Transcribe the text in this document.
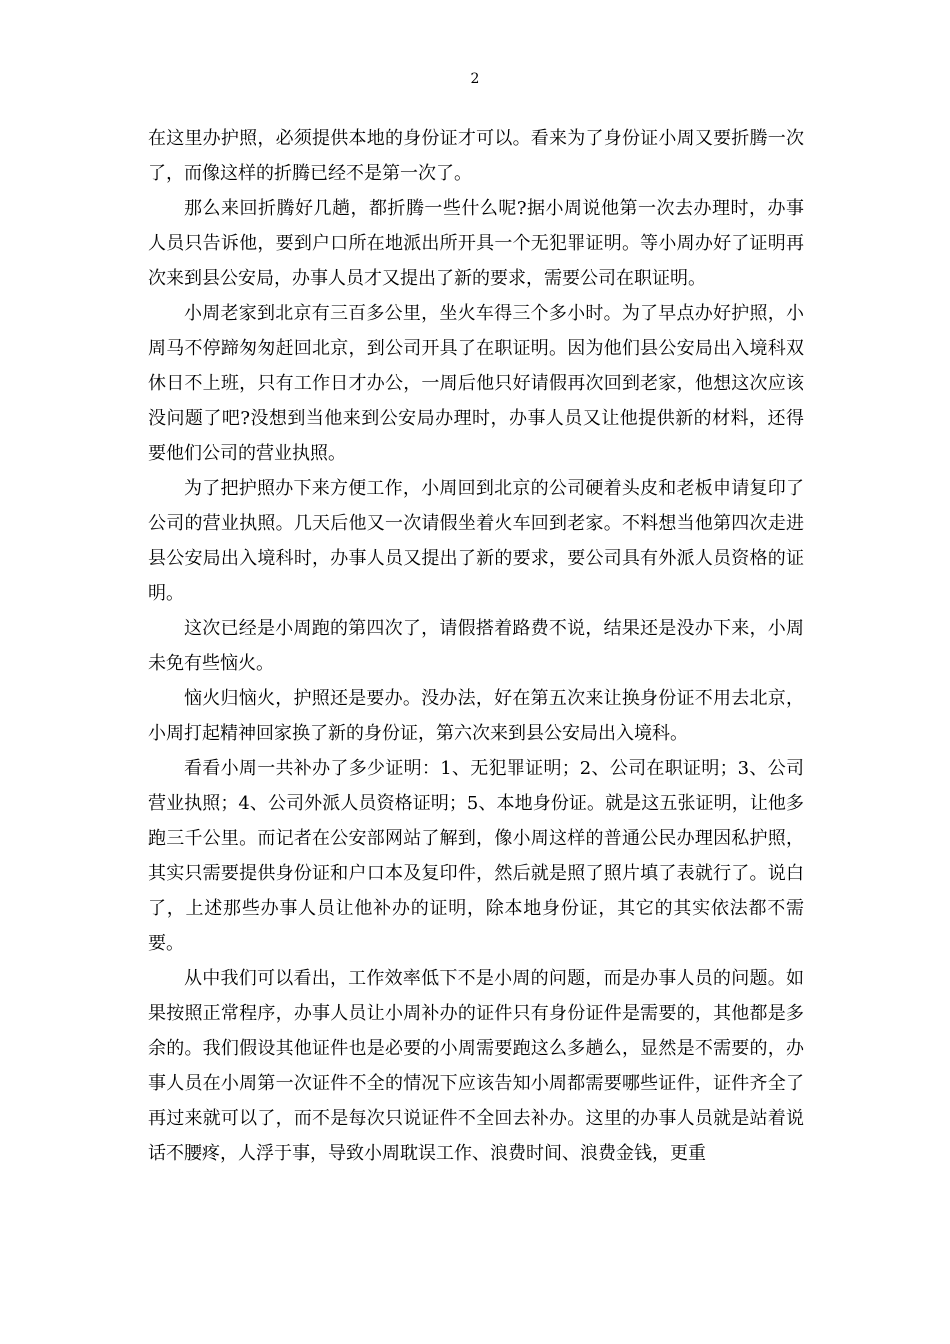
2

在这里办护照，必须提供本地的身份证才可以。看来为了身份证小周又要折腾一次了，而像这样的折腾已经不是第一次了。

那么来回折腾好几趟，都折腾一些什么呢?据小周说他第一次去办理时，办事人员只告诉他，要到户口所在地派出所开具一个无犯罪证明。等小周办好了证明再次来到县公安局，办事人员才又提出了新的要求，需要公司在职证明。

小周老家到北京有三百多公里，坐火车得三个多小时。为了早点办好护照，小周马不停蹄匆匆赶回北京，到公司开具了在职证明。因为他们县公安局出入境科双休日不上班，只有工作日才办公，一周后他只好请假再次回到老家，他想这次应该没问题了吧?没想到当他来到公安局办理时，办事人员又让他提供新的材料，还得要他们公司的营业执照。

为了把护照办下来方便工作，小周回到北京的公司硬着头皮和老板申请复印了公司的营业执照。几天后他又一次请假坐着火车回到老家。不料想当他第四次走进县公安局出入境科时，办事人员又提出了新的要求，要公司具有外派人员资格的证明。

这次已经是小周跑的第四次了，请假搭着路费不说，结果还是没办下来，小周未免有些恼火。

恼火归恼火，护照还是要办。没办法，好在第五次来让换身份证不用去北京，小周打起精神回家换了新的身份证，第六次来到县公安局出入境科。

看看小周一共补办了多少证明：1、无犯罪证明；2、公司在职证明；3、公司营业执照；4、公司外派人员资格证明；5、本地身份证。就是这五张证明，让他多跑三千公里。而记者在公安部网站了解到，像小周这样的普通公民办理因私护照，其实只需要提供身份证和户口本及复印件，然后就是照了照片填了表就行了。说白了，上述那些办事人员让他补办的证明，除本地身份证，其它的其实依法都不需要。

从中我们可以看出，工作效率低下不是小周的问题，而是办事人员的问题。如果按照正常程序，办事人员让小周补办的证件只有身份证件是需要的，其他都是多余的。我们假设其他证件也是必要的小周需要跑这么多趟么，显然是不需要的，办事人员在小周第一次证件不全的情况下应该告知小周都需要哪些证件，证件齐全了再过来就可以了，而不是每次只说证件不全回去补办。这里的办事人员就是站着说话不腰疼，人浮于事，导致小周耽误工作、浪费时间、浪费金钱，更重
